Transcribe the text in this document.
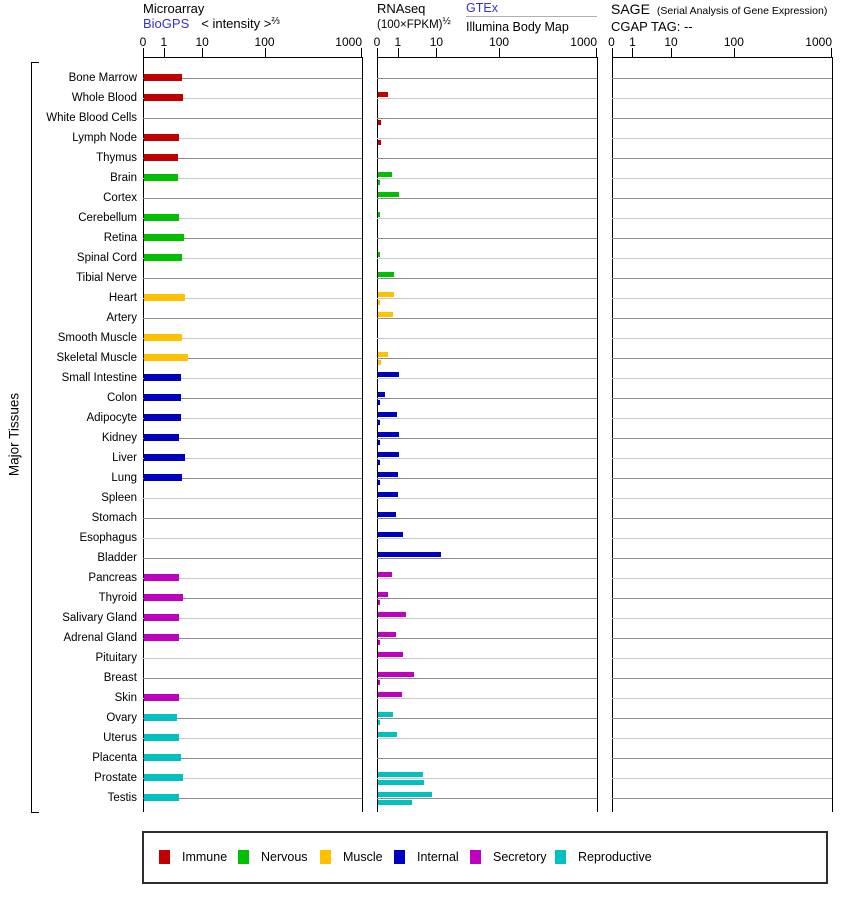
Major Tissues
Microarray
BioGPS < intensity >$^{\frac{2}{3}}$
RNAseq
(100×FPKM)$^{\frac{1}{2}}$
GTEx
Illumina Body Map
SAGE (Serial Analysis of Gene Expression)
CGAP TAG: --
0	1	10	100	1000 0	1	10	100	1000 0	1	10	100	1000
Bone Marrow
Whole Blood
White Blood Cells
Lymph Node
Thymus
Brain
Cortex
Cerebellum
Retina
Spinal Cord
Tibial Nerve
Heart
Artery
Smooth Muscle
Skeletal Muscle
Small Intestine
Colon
Adipocyte
Kidney
Liver
Lung
Spleen
Stomach
Esophagus
Bladder
Pancreas
Thyroid
Salivary Gland
Adrenal Gland
Pituitary
Breast
Skin
Ovary
Uterus
Placenta
Prostate
Testis
Immune	Nervous	Muscle	Internal	Secretory	Reproductive
